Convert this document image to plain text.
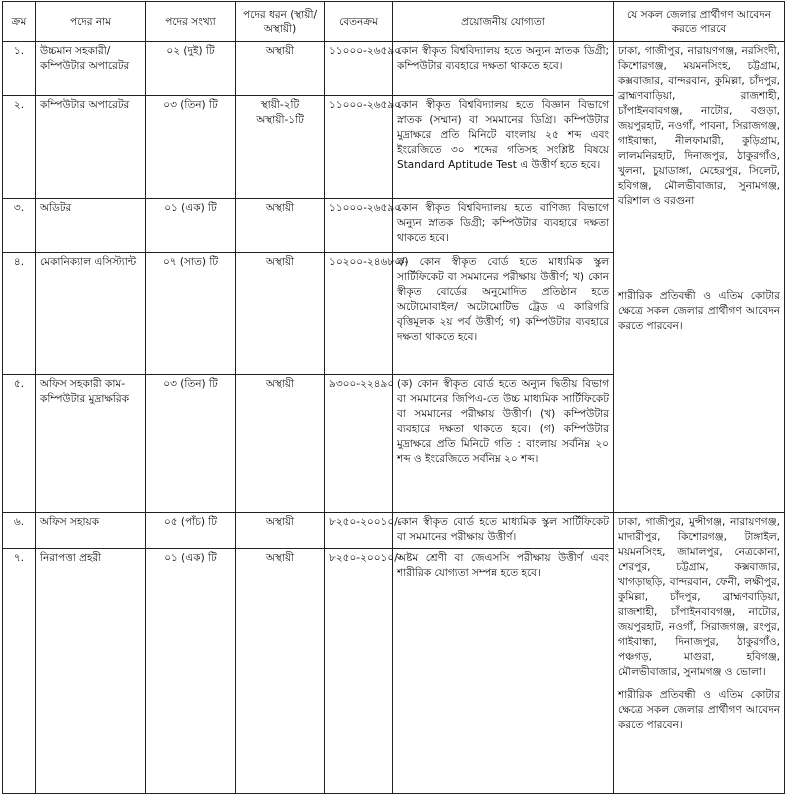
ক্রম	পদের নাম	পদের সংখ্যা	পদের ধরন (স্থায়ী/ অস্থায়ী)	বেতনক্রম	প্রয়োজনীয় যোগ্যতা	যে সকল জেলার প্রার্থীগণ আবেদন করতে পারবে
১.	উচ্চমান সহকারী/ কম্পিউটার অপারেটর	০২ (দুই) টি	অস্থায়ী	১১০০০-২৬৫৯০	কোন স্বীকৃত বিশ্ববিদ্যালয় হতে অন্যুন স্নাতক ডিগ্রী; কম্পিউটার ব্যবহারে দক্ষতা থাকতে হবে।	ঢাকা, গাজীপুর, নারায়ণগঞ্জ, নরসিংদী, কিশোরগঞ্জ, ময়মনসিংহ, চট্টগ্রাম, কক্সবাজার, বান্দরবান, কুমিল্লা, চাঁদপুর, ব্রাহ্মণবাড়িয়া, রাজশাহী, চাঁপাইনবাবগঞ্জ, নাটোর, বগুড়া, জয়পুরহাট, নওগাঁ, পাবনা, সিরাজগঞ্জ, গাইবান্ধা, নীলফামারী, কুড়িগ্রাম, লালমনিরহাট, দিনাজপুর, ঠাকুরগাঁও, খুলনা, চুয়াডাঙ্গা, মেহেরপুর, সিলেট, হবিগঞ্জ, মৌলভীবাজার, সুনামগঞ্জ, বরিশাল ও বরগুনা

শারীরিক প্রতিবন্ধী ও এতিম কোটার ক্ষেত্রে সকল জেলার প্রার্থীগণ আবেদন করতে পারবেন।

২.	কম্পিউটার অপারেটর	০৩ (তিন) টি	স্থায়ী-২টি অস্থায়ী-১টি	১১০০০-২৬৫৯০	কোন স্বীকৃত বিশ্ববিদ্যালয় হতে বিজ্ঞান বিভাগে স্নাতক (সম্মান) বা সমমানের ডিগ্রি। কম্পিউটার মুদ্রাক্ষরে প্রতি মিনিটে বাংলায় ২৫ শব্দ এবং ইংরেজিতে ৩০ শব্দের গতিসহ সংশ্লিষ্ট বিষয়ে Standard Aptitude Test এ উত্তীর্ণ হতে হবে।	
৩.	অডিটর	০১ (এক) টি	অস্থায়ী	১১০০০-২৬৫৯০	কোন স্বীকৃত বিশ্ববিদ্যালয় হতে বাণিজ্য বিভাগে অন্যুন স্নাতক ডিগ্রী; কম্পিউটার ব্যবহারে দক্ষতা থাকতে হবে।	
৪.	মেকানিক্যাল এসিস্ট্যান্ট	০৭ (সাত) টি	অস্থায়ী	১০২০০-২৪৬৮০/-	ক) কোন স্বীকৃত বোর্ড হতে মাধ্যমিক স্কুল সার্টিফিকেট বা সমমানের পরীক্ষায় উত্তীর্ণ; খ) কোন স্বীকৃত বোর্ডের অনুমোদিত প্রতিষ্ঠান হতে অটোমোবাইল/ অটোমোটিভ ট্রেড এ কারিগরি বৃত্তিমূলক ২য় পর্ব উত্তীর্ণ; গ) কম্পিউটার ব্যবহারে দক্ষতা থাকতে হবে।	
৫.	অফিস সহকারী কাম-কম্পিউটার মুদ্রাক্ষরিক	০৩ (তিন) টি	অস্থায়ী	৯৩০০-২২৪৯০	(ক) কোন স্বীকৃত বোর্ড হতে অন্যুন দ্বিতীয় বিভাগ বা সমমানের জিপিএ-তে উচ্চ মাধ্যমিক সার্টিফিকেট বা সমমানের পরীক্ষায় উত্তীর্ণ। (খ) কম্পিউটার ব্যবহারে দক্ষতা থাকতে হবে। (গ) কম্পিউটার মুদ্রাক্ষরে প্রতি মিনিটে গতি : বাংলায় সর্বনিম্ন ২০ শব্দ ও ইংরেজিতে সর্বনিম্ন ২০ শব্দ।	
৬.	অফিস সহায়ক	০৫ (পাঁচ) টি	অস্থায়ী	৮২৫০-২০০১০/-	কোন স্বীকৃত বোর্ড হতে মাধ্যমিক স্কুল সার্টিফিকেট বা সমমানের পরীক্ষায় উত্তীর্ণ।	ঢাকা, গাজীপুর, মুন্সীগঞ্জ, নারায়ণগঞ্জ, মাদারীপুর, কিশোরগঞ্জ, টাঙ্গাইল, ময়মনসিংহ, জামালপুর, নেত্রকোনা, শেরপুর, চট্টগ্রাম, কক্সবাজার, খাগড়াছড়ি, বান্দরবান, ফেনী, লক্ষীপুর, কুমিল্লা, চাঁদপুর, ব্রাহ্মণবাড়িয়া, রাজশাহী, চাঁপাইনবাবগঞ্জ, নাটোর, জয়পুরহাট, নওগাঁ, সিরাজগঞ্জ, রংপুর, গাইবান্ধা, দিনাজপুর, ঠাকুরগাঁও, পঞ্চগড়, মাগুরা, হবিগঞ্জ, মৌলভীবাজার, সুনামগঞ্জ ও ভোলা।

শারীরিক প্রতিবন্ধী ও এতিম কোটার ক্ষেত্রে সকল জেলার প্রার্থীগণ আবেদন করতে পারবেন।

৭.	নিরাপত্তা প্রহরী	০১ (এক) টি	অস্থায়ী	৮২৫০-২০০১০/-	অষ্টম শ্রেণী বা জেএসসি পরীক্ষায় উত্তীর্ণ এবং শারীরিক যোগ্যতা সম্পন্ন হতে হবে।	
